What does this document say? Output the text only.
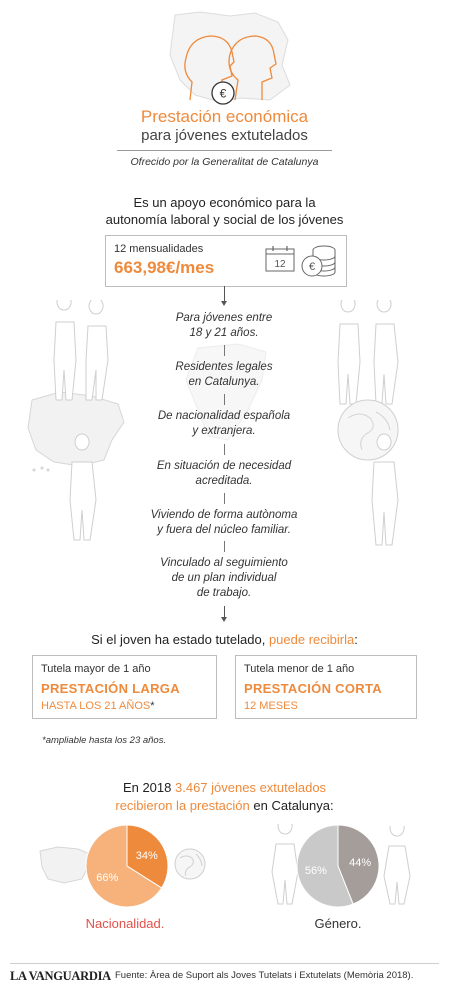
€
Prestación económica
para jóvenes extutelados
Ofrecido por la Generalitat de Catalunya
Es un apoyo económico para la
autonomía laboral y social de los jóvenes
12 mensualidades
663,98€/mes	12 €
Para jóvenes entre
18 y 21 años.
Residentes legales
en Catalunya.
De nacionalidad española
y extranjera.
En situación de necesidad
acreditada.
Viviendo de forma autònoma
y fuera del núcleo familiar.
Vinculado al seguimiento
de un plan individual
de trabajo.
Si el joven ha estado tutelado, puede recibirla:
Tutela mayor de 1 año
PRESTACIÓN LARGA
HASTA LOS 21 AÑOS*
Tutela menor de 1 año
PRESTACIÓN CORTA
12 MESES
*ampliable hasta los 23 años.
En 2018 3.467 jóvenes extutelados
recibieron la prestación en Catalunya:
34%
66%
44%
56%
Nacionalidad.	Género.
LA VANGUARDIA Fuente: Àrea de Suport als Joves Tutelats i Extutelats (Memòria 2018).
